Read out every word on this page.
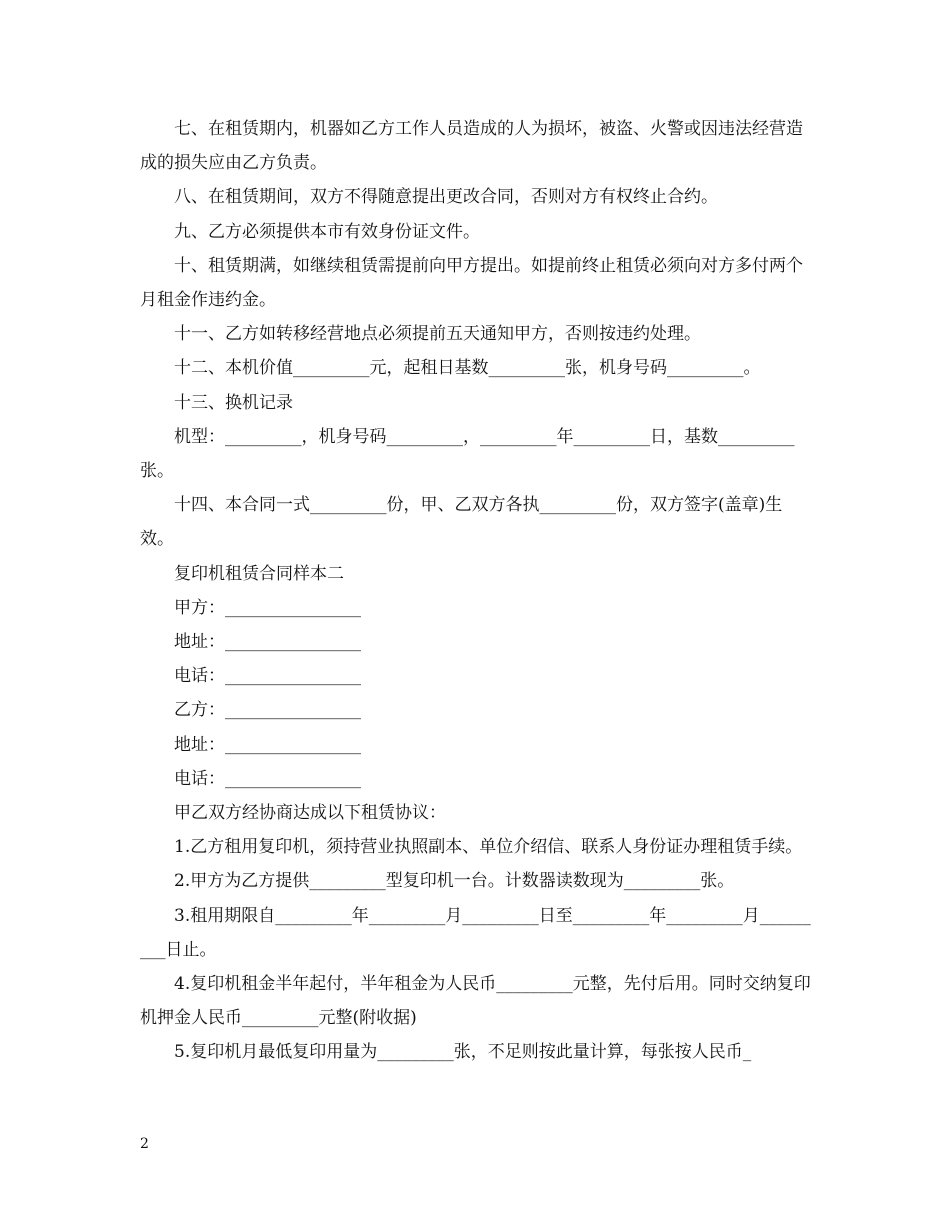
七、在租赁期内，机器如乙方工作人员造成的人为损坏，被盗、火警或因违法经营造成的损失应由乙方负责。

八、在租赁期间，双方不得随意提出更改合同，否则对方有权终止合约。

九、乙方必须提供本市有效身份证文件。

十、租赁期满，如继续租赁需提前向甲方提出。如提前终止租赁必须向对方多付两个月租金作违约金。

十一、乙方如转移经营地点必须提前五天通知甲方，否则按违约处理。

十二、本机价值_________元，起租日基数_________张，机身号码_________。

十三、换机记录

机型：_________，机身号码_________，_________年_________日，基数_________张。

十四、本合同一式_________份，甲、乙双方各执_________份，双方签字(盖章)生效。

复印机租赁合同样本二

甲方：________________

地址：________________

电话：________________

乙方：________________

地址：________________

电话：________________

甲乙双方经协商达成以下租赁协议：

1.乙方租用复印机，须持营业执照副本、单位介绍信、联系人身份证办理租赁手续。

2.甲方为乙方提供_________型复印机一台。计数器读数现为_________张。

3.租用期限自_________年_________月_________日至_________年_________月_________日止。

4.复印机租金半年起付，半年租金为人民币_________元整，先付后用。同时交纳复印机押金人民币_________元整(附收据)

5.复印机月最低复印用量为_________张，不足则按此量计算，每张按人民币_

2
